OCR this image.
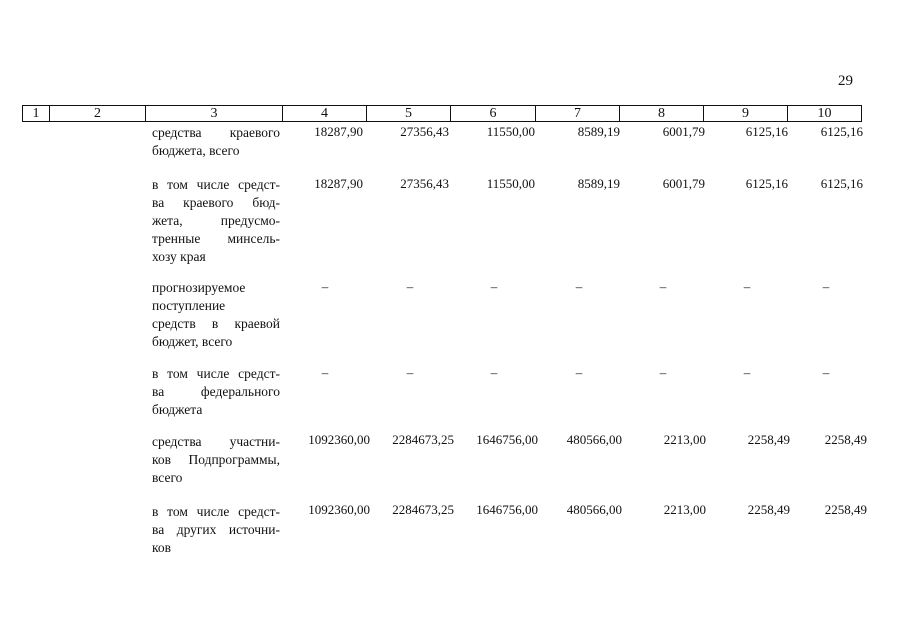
29
1	2	3	4	5	6	7	8	9	10
средства краевого
бюджета, всего
18287,90	27356,43	11550,00	8589,19	6001,79	6125,16	6125,16
в том числе средст-
ва краевого бюд-
жета, предусмо-
тренные минсель-
хозу края
18287,90	27356,43	11550,00	8589,19	6001,79	6125,16	6125,16
прогнозируемое
поступление
средств в краевой
бюджет, всего
–	–	–	–	–	–	–
в том числе средст-
ва федерального
бюджета
–	–	–	–	–	–	–
средства участни-
ков Подпрограммы,
всего
1092360,00	2284673,25	1646756,00	480566,00	2213,00	2258,49	2258,49
в том числе средст-
ва других источни-
ков
1092360,00	2284673,25	1646756,00	480566,00	2213,00	2258,49	2258,49
